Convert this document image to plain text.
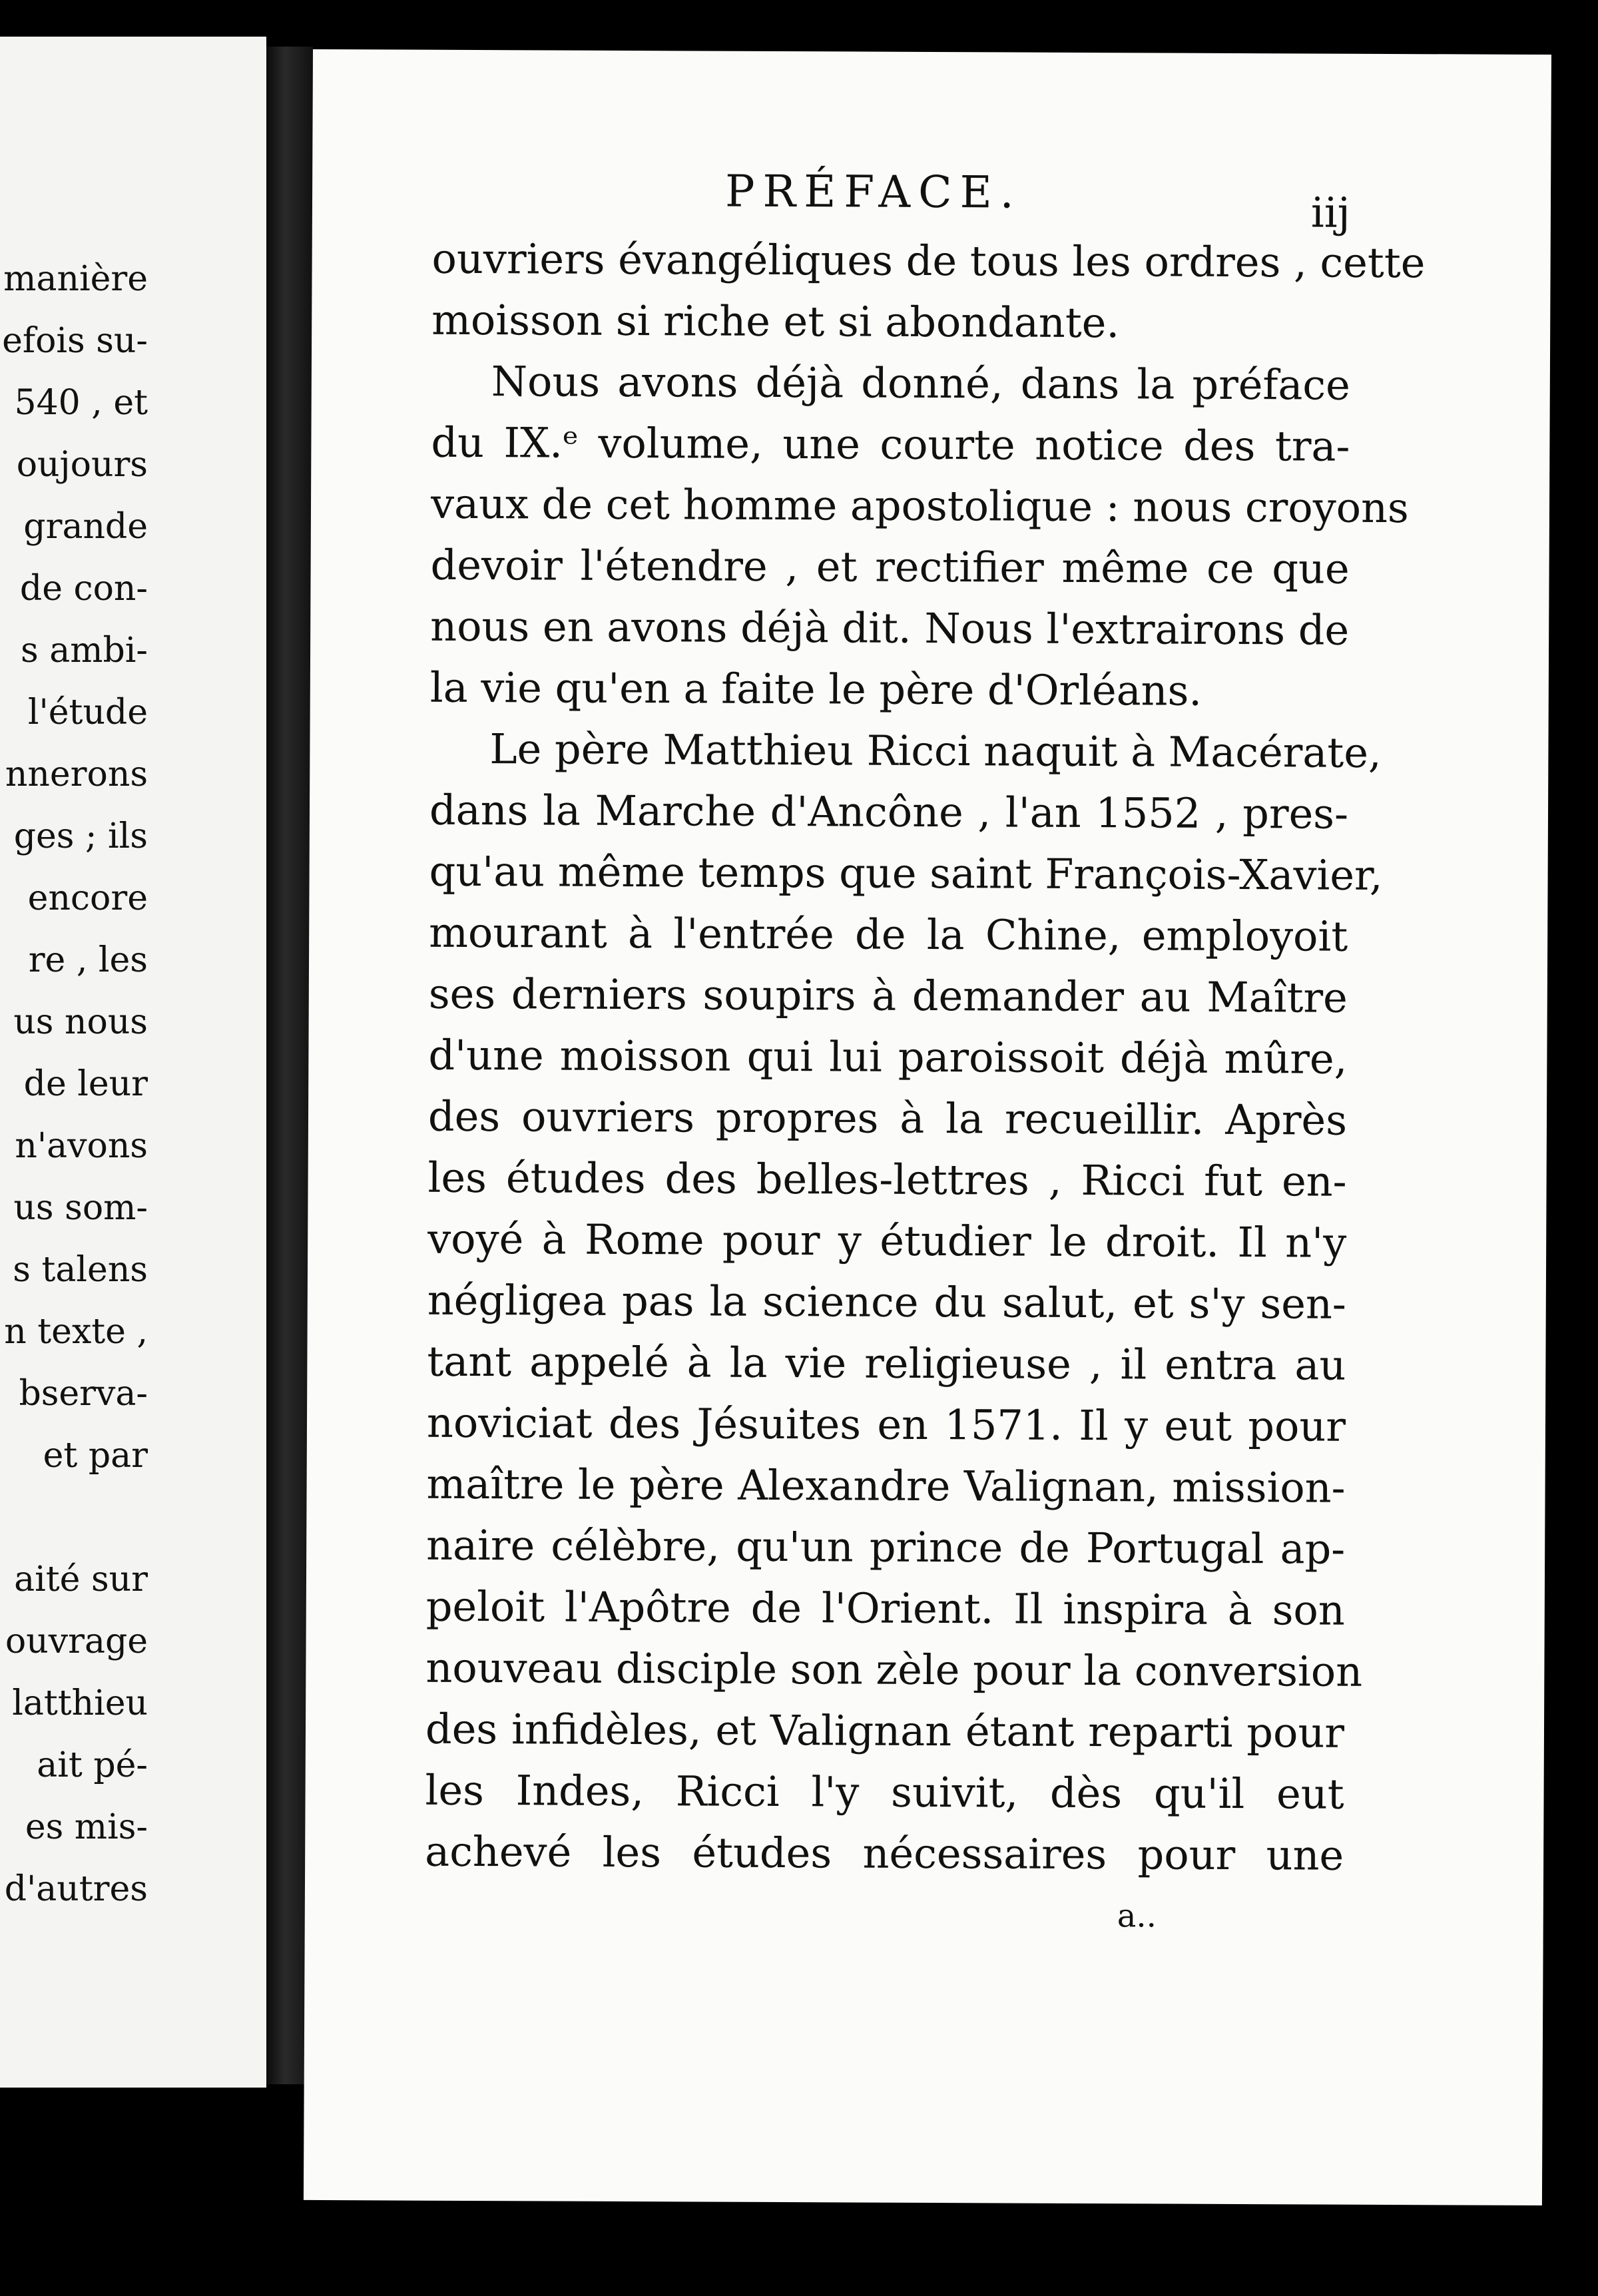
manière
efois su-
540 , et
oujours
grande
de con-
s ambi-
l'étude
nnerons
ges ; ils
encore
re , les
us nous
de leur
n'avons
us som-
s talens
n texte ,
bserva-
et par
aité sur
ouvrage
latthieu
ait pé-
es mis-
d'autres
PRÉFACE.	iij
ouvriers évangéliques de tous les ordres , cette
moisson si riche et si abondante.
Nous avons déjà donné, dans la préface
du IX.ᵉ volume, une courte notice des tra-
vaux de cet homme apostolique : nous croyons
devoir l'étendre , et rectifier même ce que
nous en avons déjà dit. Nous l'extrairons de
la vie qu'en a faite le père d'Orléans.
Le père Matthieu Ricci naquit à Macérate,
dans la Marche d'Ancône , l'an 1552 , pres-
qu'au même temps que saint François-Xavier,
mourant à l'entrée de la Chine, employoit
ses derniers soupirs à demander au Maître
d'une moisson qui lui paroissoit déjà mûre,
des ouvriers propres à la recueillir. Après
les études des belles-lettres , Ricci fut en-
voyé à Rome pour y étudier le droit. Il n'y
négligea pas la science du salut, et s'y sen-
tant appelé à la vie religieuse , il entra au
noviciat des Jésuites en 1571. Il y eut pour
maître le père Alexandre Valignan, mission-
naire célèbre, qu'un prince de Portugal ap-
peloit l'Apôtre de l'Orient. Il inspira à son
nouveau disciple son zèle pour la conversion
des infidèles, et Valignan étant reparti pour
les Indes, Ricci l'y suivit, dès qu'il eut
achevé les études nécessaires pour une
a..
